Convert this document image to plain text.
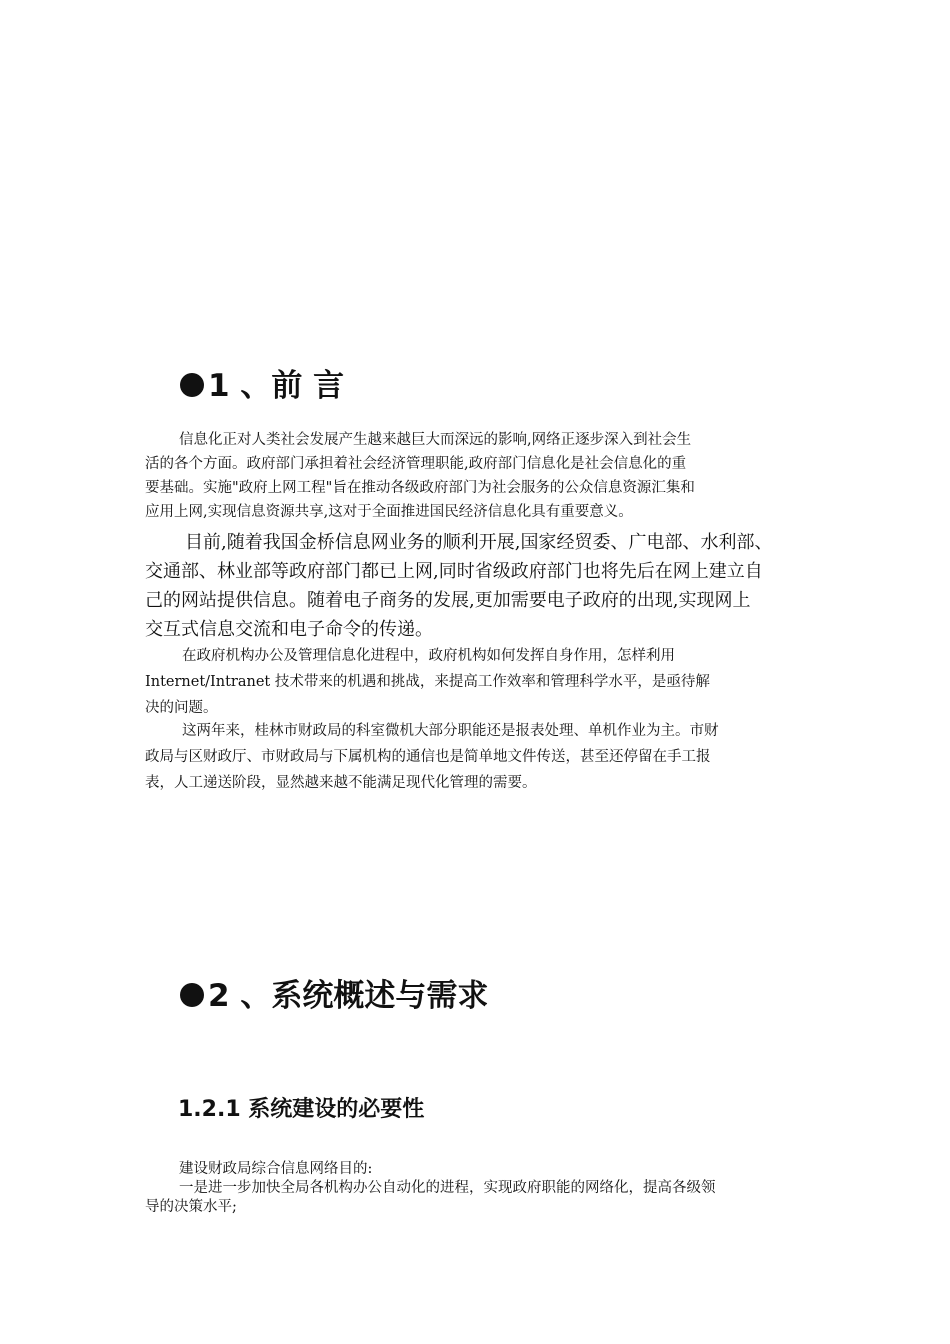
1 、前 言
信息化正对人类社会发展产生越来越巨大而深远的影响,网络正逐步深入到社会生
活的各个方面。政府部门承担着社会经济管理职能,政府部门信息化是社会信息化的重
要基础。实施"政府上网工程"旨在推动各级政府部门为社会服务的公众信息资源汇集和
应用上网,实现信息资源共享,这对于全面推进国民经济信息化具有重要意义。
目前,随着我国金桥信息网业务的顺利开展,国家经贸委、广电部、水利部、
交通部、林业部等政府部门都已上网,同时省级政府部门也将先后在网上建立自
己的网站提供信息。随着电子商务的发展,更加需要电子政府的出现,实现网上
交互式信息交流和电子命令的传递。
在政府机构办公及管理信息化进程中，政府机构如何发挥自身作用，怎样利用
Internet/Intranet 技术带来的机遇和挑战，来提高工作效率和管理科学水平，是亟待解
决的问题。
这两年来，桂林市财政局的科室微机大部分职能还是报表处理、单机作业为主。市财
政局与区财政厅、市财政局与下属机构的通信也是简单地文件传送，甚至还停留在手工报
表，人工递送阶段，显然越来越不能满足现代化管理的需要。
2 、系统概述与需求
1.2.1 系统建设的必要性
建设财政局综合信息网络目的:
一是进一步加快全局各机构办公自动化的进程，实现政府职能的网络化，提高各级领
导的决策水平;
